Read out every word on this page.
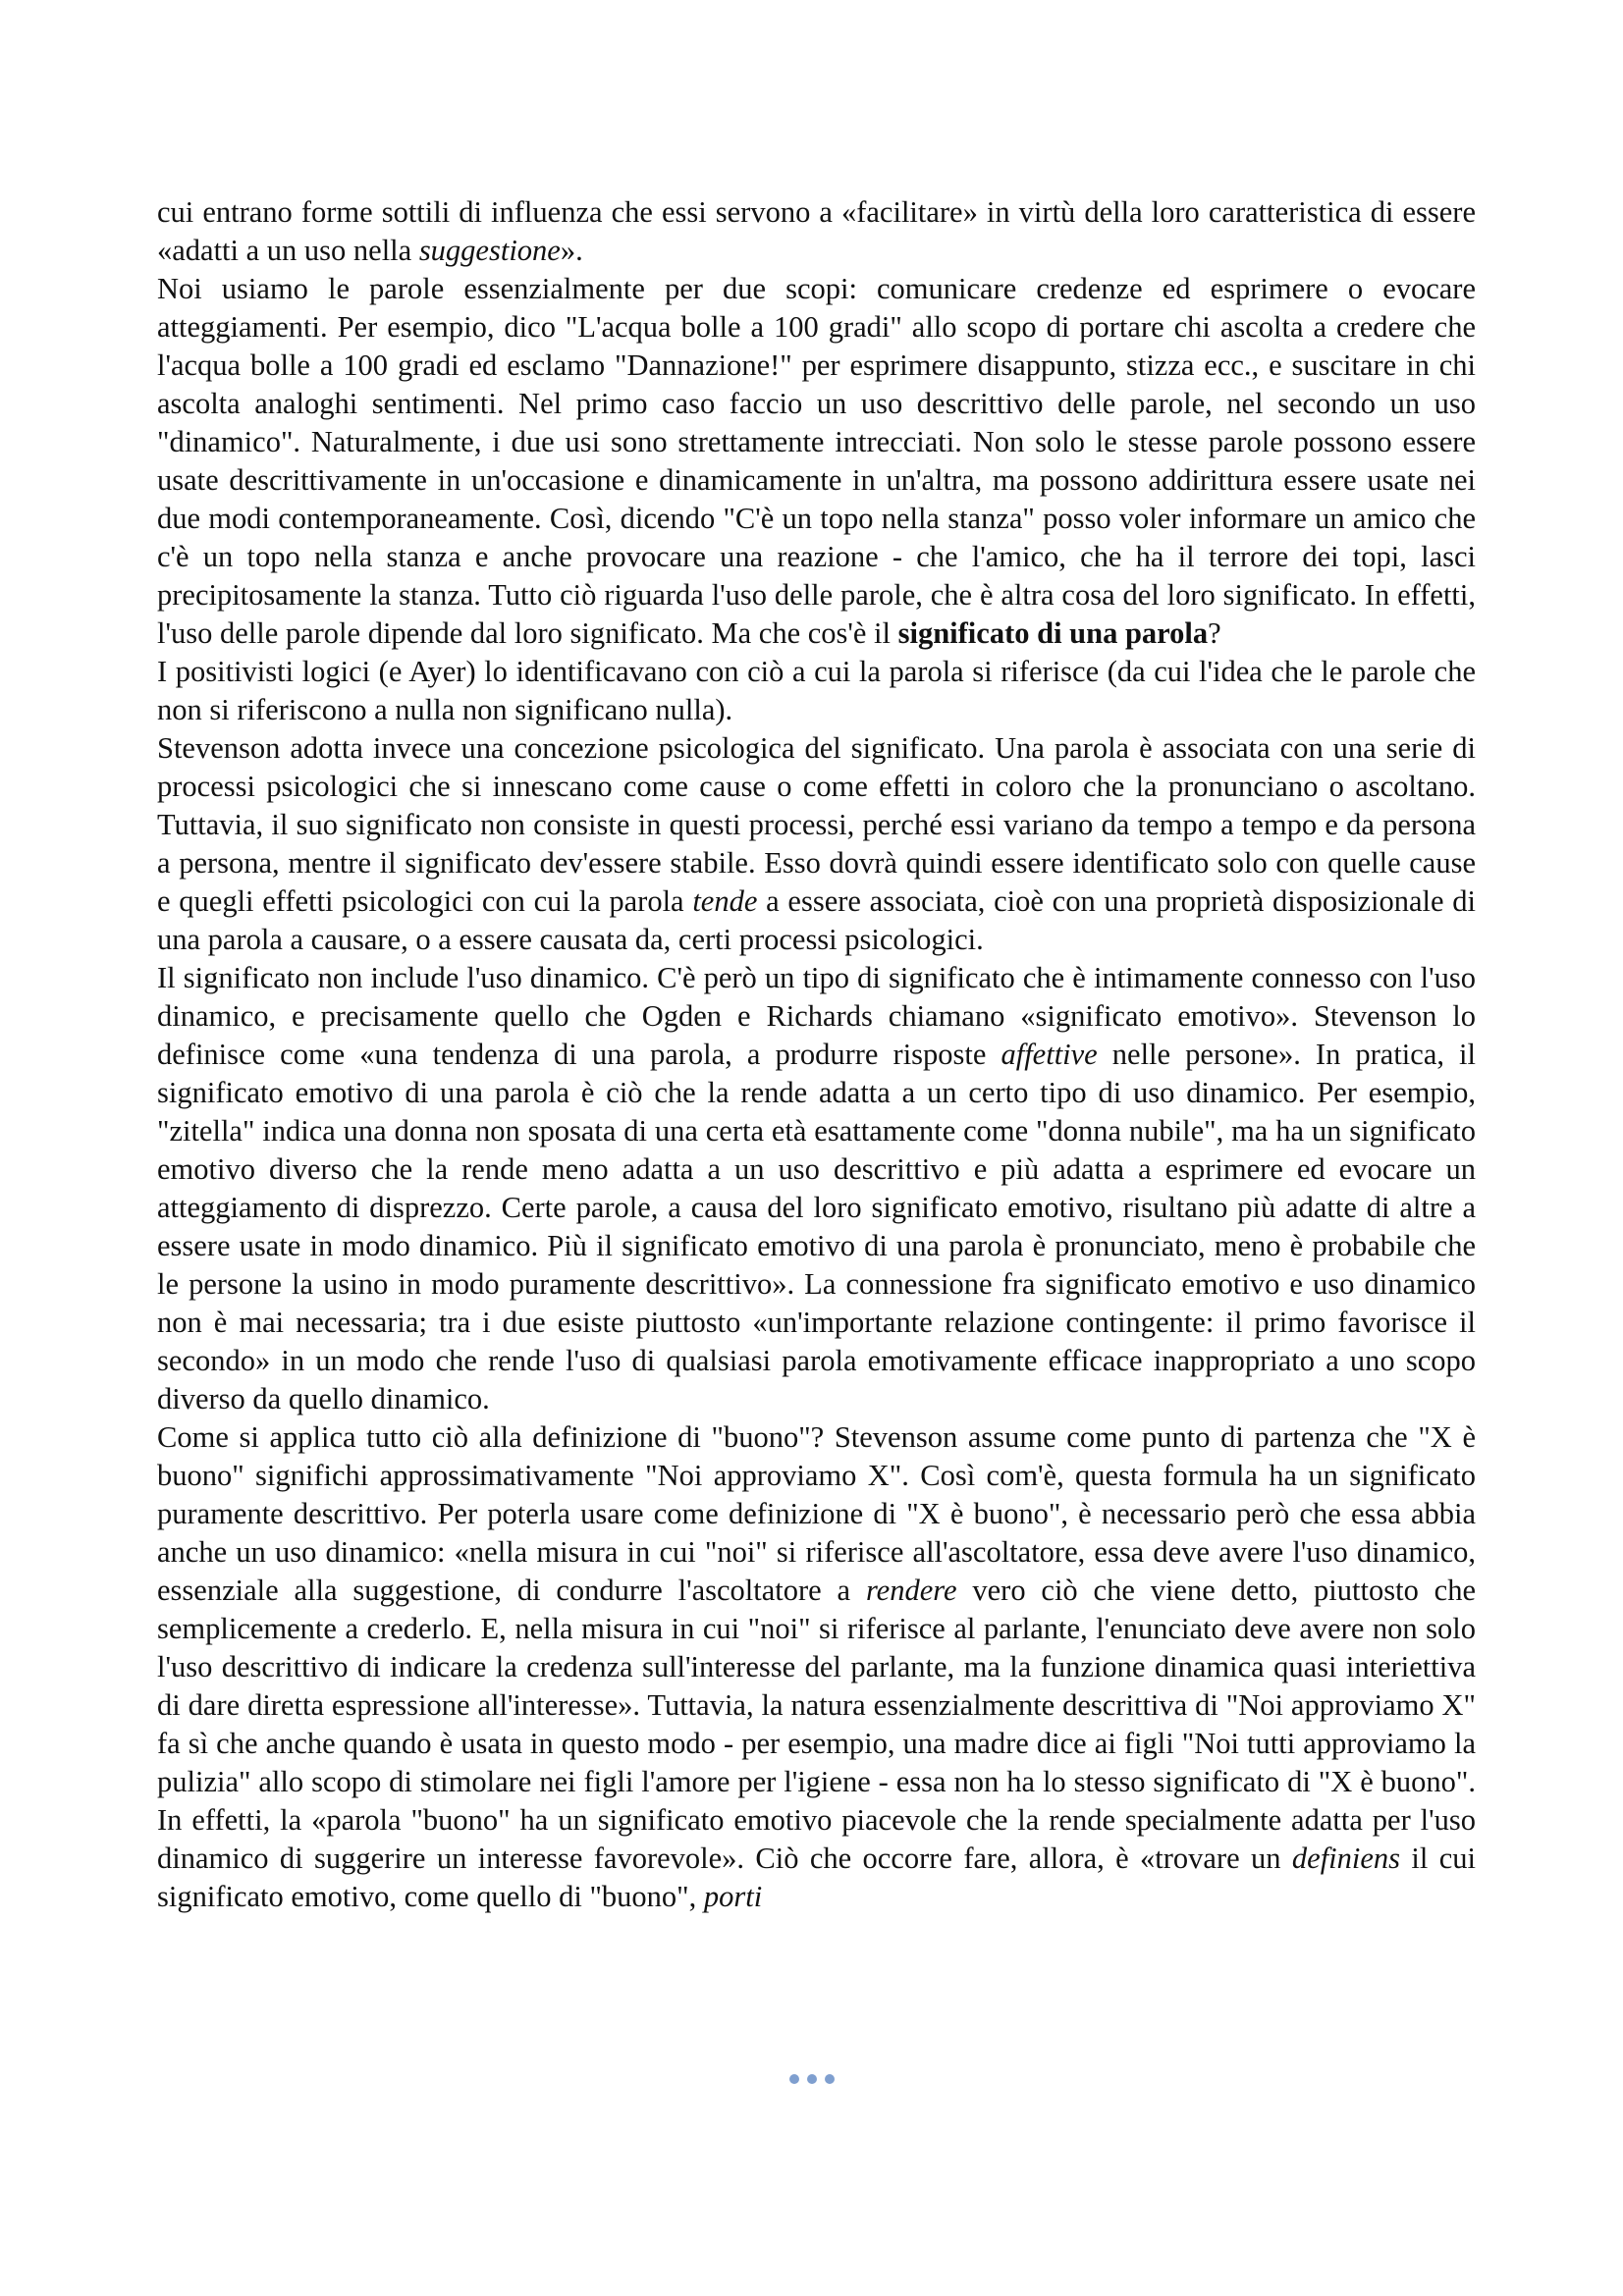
cui entrano forme sottili di influenza che essi servono a «facilitare» in virtù della loro caratteristica di essere «adatti a un uso nella suggestione».

Noi usiamo le parole essenzialmente per due scopi: comunicare credenze ed esprimere o evocare atteggiamenti. Per esempio, dico "L'acqua bolle a 100 gradi" allo scopo di portare chi ascolta a credere che l'acqua bolle a 100 gradi ed esclamo "Dannazione!" per esprimere disappunto, stizza ecc., e suscitare in chi ascolta analoghi sentimenti. Nel primo caso faccio un uso descrittivo delle parole, nel secondo un uso "dinamico". Naturalmente, i due usi sono strettamente intrecciati. Non solo le stesse parole possono essere usate descrittivamente in un'occasione e dinamicamente in un'altra, ma possono addirittura essere usate nei due modi contemporaneamente. Così, dicendo "C'è un topo nella stanza" posso voler informare un amico che c'è un topo nella stanza e anche provocare una reazione - che l'amico, che ha il terrore dei topi, lasci precipitosamente la stanza. Tutto ciò riguarda l'uso delle parole, che è altra cosa del loro significato. In effetti, l'uso delle parole dipende dal loro significato. Ma che cos'è il significato di una parola?

I positivisti logici (e Ayer) lo identificavano con ciò a cui la parola si riferisce (da cui l'idea che le parole che non si riferiscono a nulla non significano nulla).

Stevenson adotta invece una concezione psicologica del significato. Una parola è associata con una serie di processi psicologici che si innescano come cause o come effetti in coloro che la pronunciano o ascoltano. Tuttavia, il suo significato non consiste in questi processi, perché essi variano da tempo a tempo e da persona a persona, mentre il significato dev'essere stabile. Esso dovrà quindi essere identificato solo con quelle cause e quegli effetti psicologici con cui la parola tende a essere associata, cioè con una proprietà disposizionale di una parola a causare, o a essere causata da, certi processi psicologici.

Il significato non include l'uso dinamico. C'è però un tipo di significato che è intimamente connesso con l'uso dinamico, e precisamente quello che Ogden e Richards chiamano «significato emotivo». Stevenson lo definisce come «una tendenza di una parola, a produrre risposte affettive nelle persone». In pratica, il significato emotivo di una parola è ciò che la rende adatta a un certo tipo di uso dinamico. Per esempio, "zitella" indica una donna non sposata di una certa età esattamente come "donna nubile", ma ha un significato emotivo diverso che la rende meno adatta a un uso descrittivo e più adatta a esprimere ed evocare un atteggiamento di disprezzo. Certe parole, a causa del loro significato emotivo, risultano più adatte di altre a essere usate in modo dinamico. Più il significato emotivo di una parola è pronunciato, meno è probabile che le persone la usino in modo puramente descrittivo». La connessione fra significato emotivo e uso dinamico non è mai necessaria; tra i due esiste piuttosto «un'importante relazione contingente: il primo favorisce il secondo» in un modo che rende l'uso di qualsiasi parola emotivamente efficace inappropriato a uno scopo diverso da quello dinamico.

Come si applica tutto ciò alla definizione di "buono"? Stevenson assume come punto di partenza che "X è buono" significhi approssimativamente "Noi approviamo X". Così com'è, questa formula ha un significato puramente descrittivo. Per poterla usare come definizione di "X è buono", è necessario però che essa abbia anche un uso dinamico: «nella misura in cui "noi" si riferisce all'ascoltatore, essa deve avere l'uso dinamico, essenziale alla suggestione, di condurre l'ascoltatore a rendere vero ciò che viene detto, piuttosto che semplicemente a crederlo. E, nella misura in cui "noi" si riferisce al parlante, l'enunciato deve avere non solo l'uso descrittivo di indicare la credenza sull'interesse del parlante, ma la funzione dinamica quasi interiettiva di dare diretta espressione all'interesse». Tuttavia, la natura essenzialmente descrittiva di "Noi approviamo X" fa sì che anche quando è usata in questo modo - per esempio, una madre dice ai figli "Noi tutti approviamo la pulizia" allo scopo di stimolare nei figli l'amore per l'igiene - essa non ha lo stesso significato di "X è buono". In effetti, la «parola "buono" ha un significato emotivo piacevole che la rende specialmente adatta per l'uso dinamico di suggerire un interesse favorevole». Ciò che occorre fare, allora, è «trovare un definiens il cui significato emotivo, come quello di "buono", porti
